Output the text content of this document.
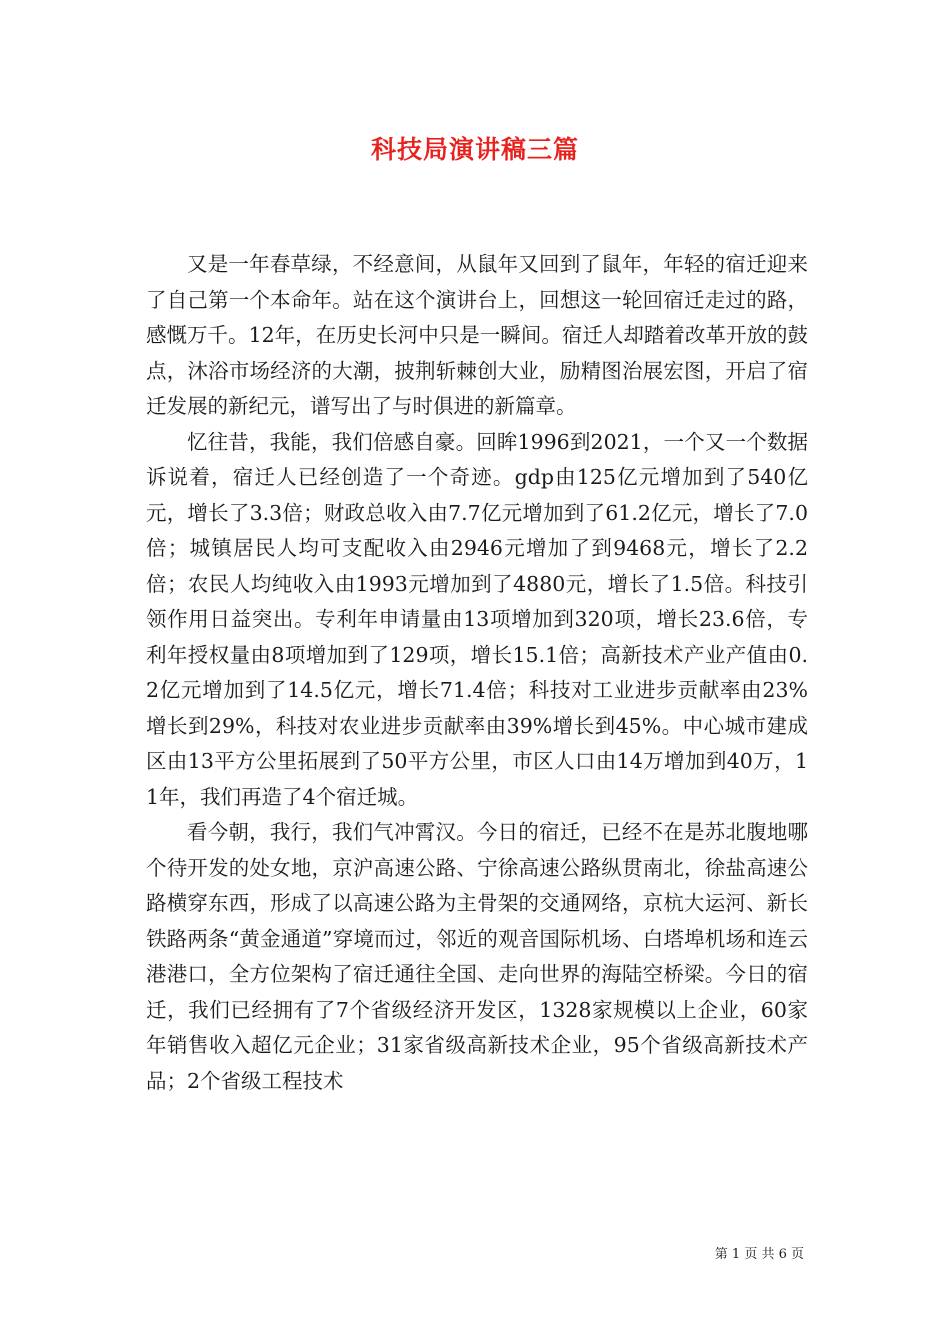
科技局演讲稿三篇

又是一年春草绿，不经意间，从鼠年又回到了鼠年，年轻的宿迁迎来了自己第一个本命年。站在这个演讲台上，回想这一轮回宿迁走过的路，感慨万千。12年，在历史长河中只是一瞬间。宿迁人却踏着改革开放的鼓点，沐浴市场经济的大潮，披荆斩棘创大业，励精图治展宏图，开启了宿迁发展的新纪元，谱写出了与时俱进的新篇章。

忆往昔，我能，我们倍感自豪。回眸1996到2021，一个又一个数据诉说着，宿迁人已经创造了一个奇迹。gdp由125亿元增加到了540亿元，增长了3.3倍；财政总收入由7.7亿元增加到了61.2亿元，增长了7.0倍；城镇居民人均可支配收入由2946元增加了到9468元，增长了2.2倍；农民人均纯收入由1993元增加到了4880元，增长了1.5倍。科技引领作用日益突出。专利年申请量由13项增加到320项，增长23.6倍，专利年授权量由8项增加到了129项，增长15.1倍；高新技术产业产值由0.2亿元增加到了14.5亿元，增长71.4倍；科技对工业进步贡献率由23%增长到29%，科技对农业进步贡献率由39%增长到45%。中心城市建成区由13平方公里拓展到了50平方公里，市区人口由14万增加到40万，11年，我们再造了4个宿迁城。

看今朝，我行，我们气冲霄汉。今日的宿迁，已经不在是苏北腹地哪个待开发的处女地，京沪高速公路、宁徐高速公路纵贯南北，徐盐高速公路横穿东西，形成了以高速公路为主骨架的交通网络，京杭大运河、新长铁路两条“黄金通道”穿境而过，邻近的观音国际机场、白塔埠机场和连云港港口，全方位架构了宿迁通往全国、走向世界的海陆空桥梁。今日的宿迁，我们已经拥有了7个省级经济开发区，1328家规模以上企业，60家年销售收入超亿元企业；31家省级高新技术企业，95个省级高新技术产品；2个省级工程技术

第 1 页 共 6 页
